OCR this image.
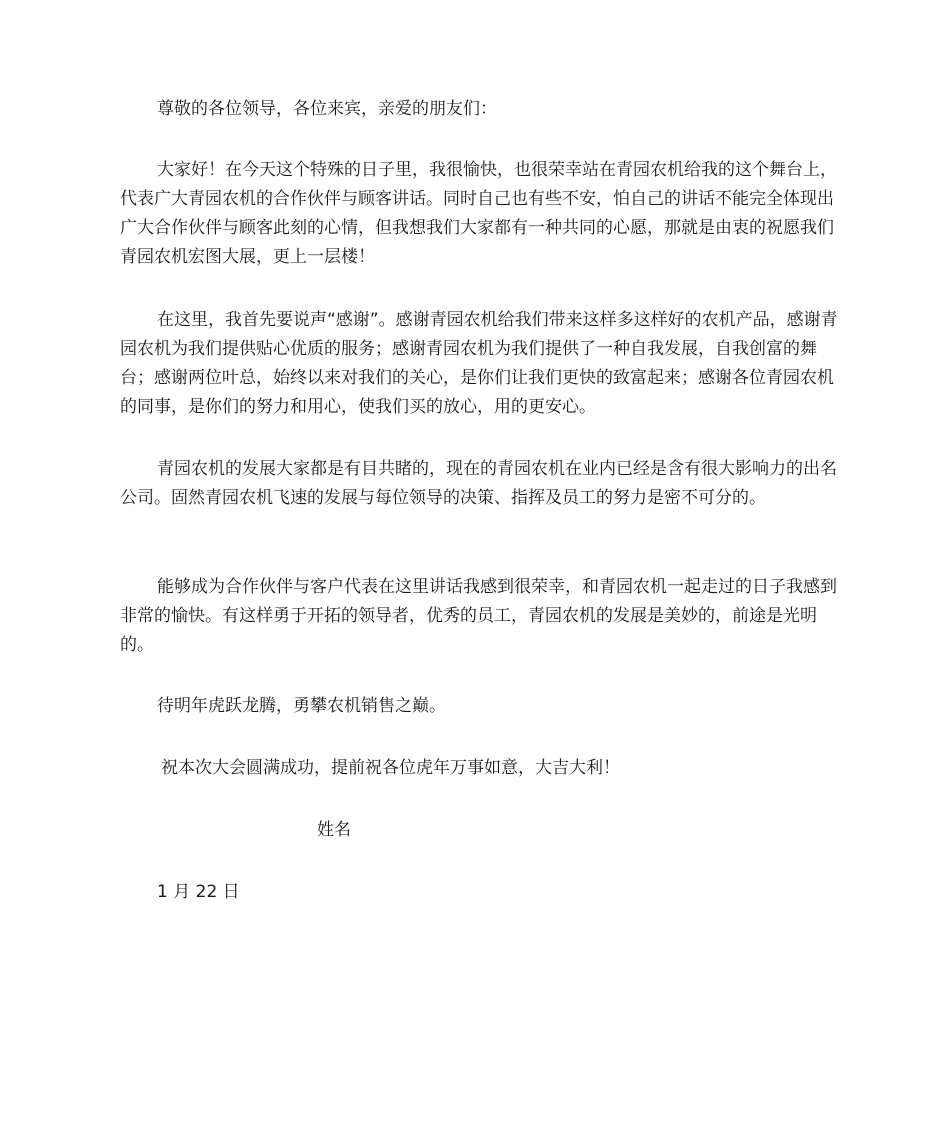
尊敬的各位领导，各位来宾，亲爱的朋友们：

大家好！在今天这个特殊的日子里，我很愉快，也很荣幸站在青园农机给我的这个舞台上，代表广大青园农机的合作伙伴与顾客讲话。同时自己也有些不安，怕自己的讲话不能完全体现出广大合作伙伴与顾客此刻的心情，但我想我们大家都有一种共同的心愿，那就是由衷的祝愿我们青园农机宏图大展，更上一层楼！

在这里，我首先要说声“感谢”。感谢青园农机给我们带来这样多这样好的农机产品，感谢青园农机为我们提供贴心优质的服务；感谢青园农机为我们提供了一种自我发展，自我创富的舞台；感谢两位叶总，始终以来对我们的关心，是你们让我们更快的致富起来；感谢各位青园农机的同事，是你们的努力和用心，使我们买的放心，用的更安心。

青园农机的发展大家都是有目共睹的，现在的青园农机在业内已经是含有很大影响力的出名公司。固然青园农机飞速的发展与每位领导的决策、指挥及员工的努力是密不可分的。

能够成为合作伙伴与客户代表在这里讲话我感到很荣幸，和青园农机一起走过的日子我感到非常的愉快。有这样勇于开拓的领导者，优秀的员工，青园农机的发展是美妙的，前途是光明的。

待明年虎跃龙腾，勇攀农机销售之巅。

祝本次大会圆满成功，提前祝各位虎年万事如意，大吉大利！

姓名

1 月 22 日
